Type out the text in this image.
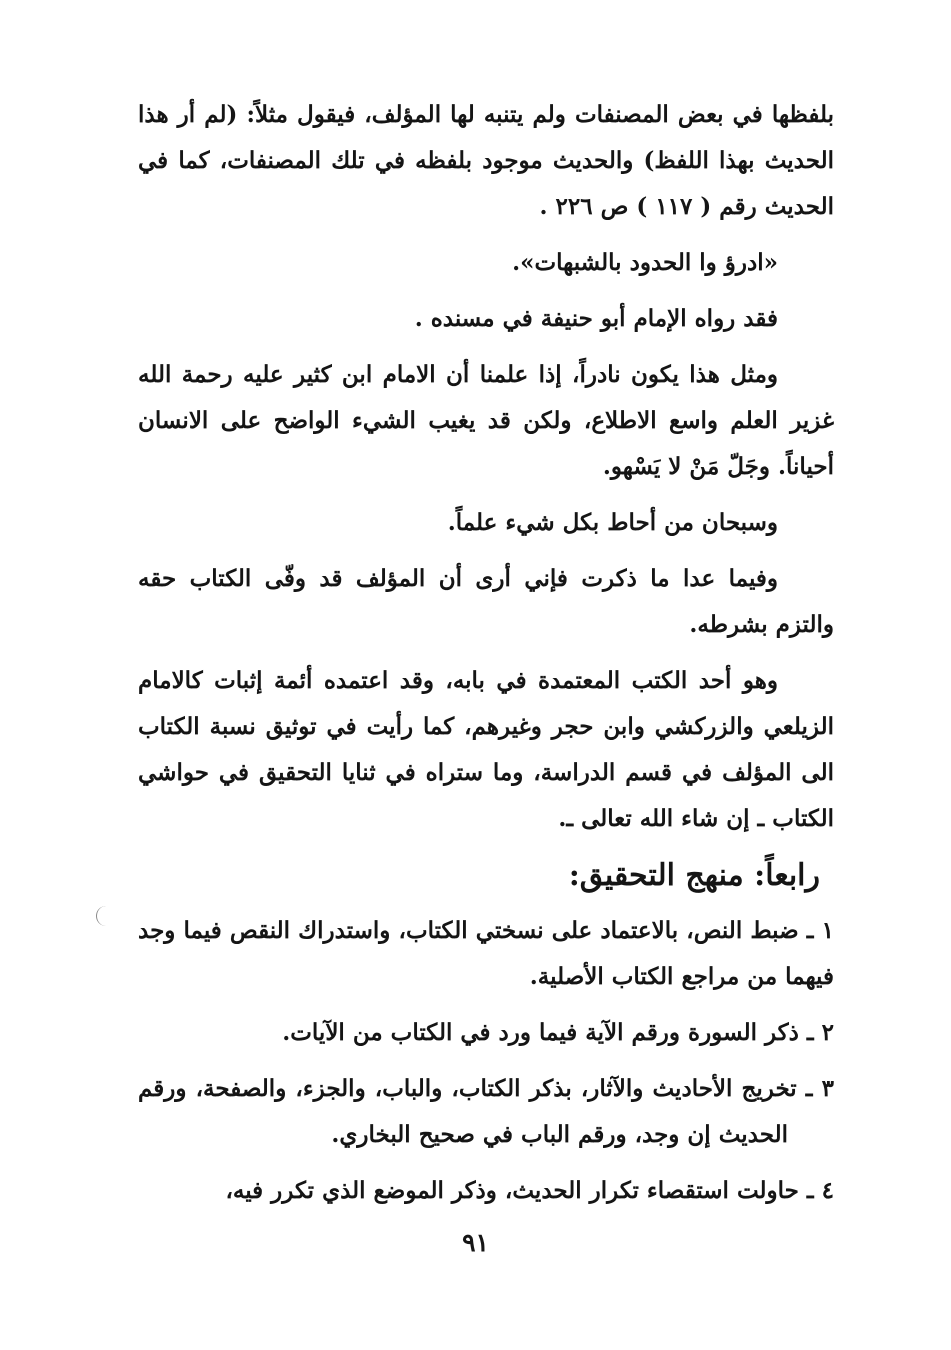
بلفظها في بعض المصنفات ولم يتنبه لها المؤلف، فيقول مثلاً: (لم أر هذا الحديث بهذا اللفظ) والحديث موجود بلفظه في تلك المصنفات، كما في الحديث رقم ( ١١٧ ) ص ٢٢٦ .

«ادرؤ وا الحدود بالشبهات».

فقد رواه الإمام أبو حنيفة في مسنده .

ومثل هذا يكون نادراً، إذا علمنا أن الامام ابن كثير عليه رحمة الله غزير العلم واسع الاطلاع، ولكن قد يغيب الشيء الواضح على الانسان أحياناً. وجَلّ مَنْ لا يَسْهو.

وسبحان من أحاط بكل شيء علماً.

وفيما عدا ما ذكرت فإني أرى أن المؤلف قد وفّى الكتاب حقه والتزم بشرطه.

وهو أحد الكتب المعتمدة في بابه، وقد اعتمده أئمة إثبات كالامام الزيلعي والزركشي وابن حجر وغيرهم، كما رأيت في توثيق نسبة الكتاب الى المؤلف في قسم الدراسة، وما ستراه في ثنايا التحقيق في حواشي الكتاب ـ إن شاء الله تعالى ـ.

رابعاً: منهج التحقيق:

١ ـ ضبط النص، بالاعتماد على نسختي الكتاب، واستدراك النقص فيما وجد فيهما من مراجع الكتاب الأصلية.

٢ ـ ذكر السورة ورقم الآية فيما ورد في الكتاب من الآيات.

٣ ـ تخريج الأحاديث والآثار، بذكر الكتاب، والباب، والجزء، والصفحة، ورقم الحديث إن وجد، ورقم الباب في صحيح البخاري.

٤ ـ حاولت استقصاء تكرار الحديث، وذكر الموضع الذي تكرر فيه،

٩١
